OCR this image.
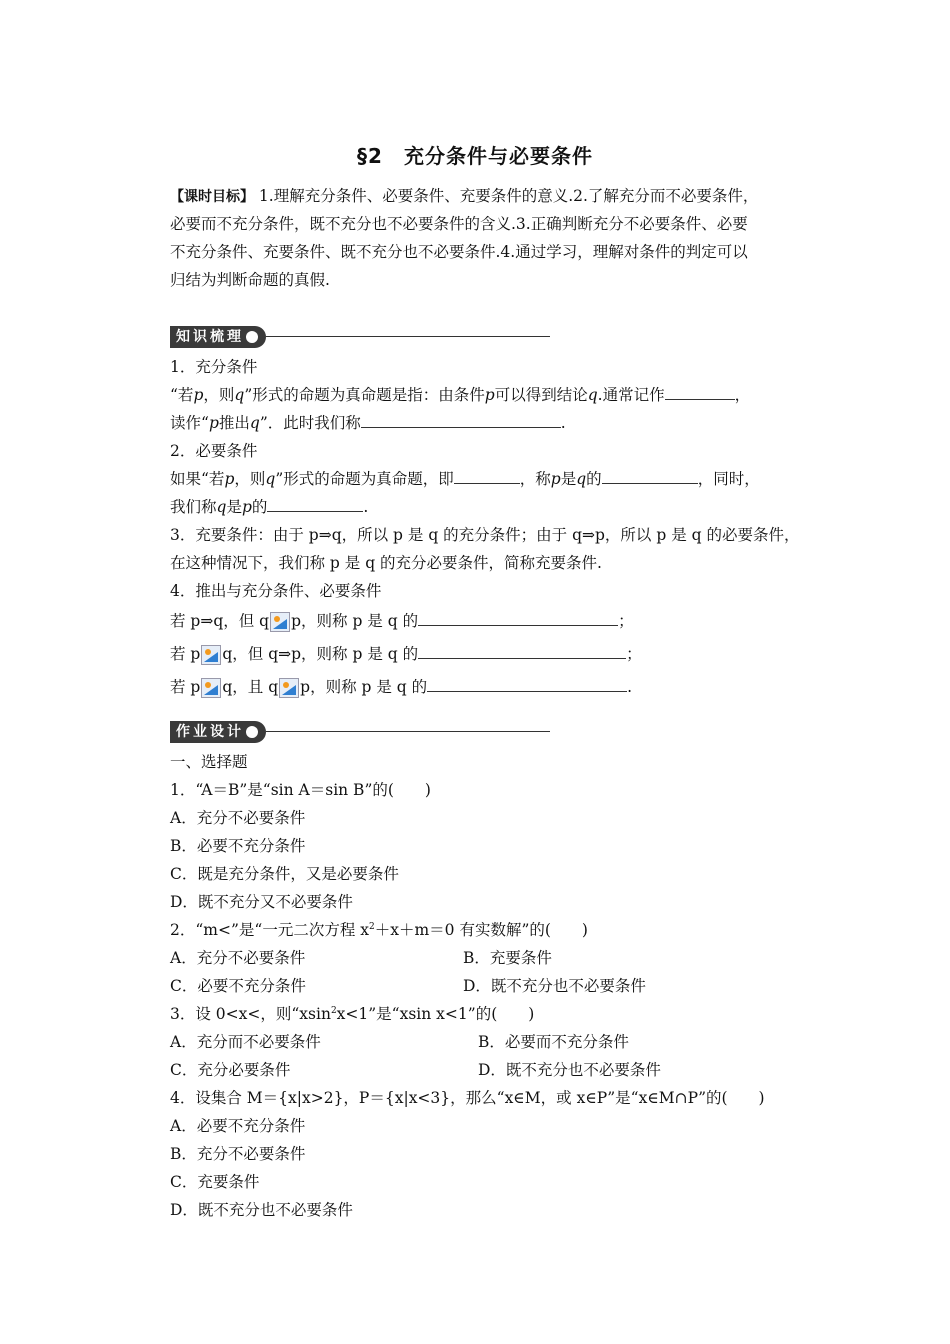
§2　充分条件与必要条件
【课时目标】 1.理解充分条件、必要条件、充要条件的意义.2.了解充分而不必要条件，
必要而不充分条件，既不充分也不必要条件的含义.3.正确判断充分不必要条件、必要
不充分条件、充要条件、既不充分也不必要条件.4.通过学习，理解对条件的判定可以
归结为判断命题的真假.
知识梳理
1．充分条件
“若p，则q”形式的命题为真命题是指：由条件p可以得到结论q.通常记作	，
读作“p推出q”．此时我们称	.
2．必要条件
如果“若p，则q”形式的命题为真命题，即	，称p是q的	，同时，
我们称q是p的	.
3．充要条件：由于 p⇒q，所以 p 是 q 的充分条件；由于 q⇒p，所以 p 是 q 的必要条件，
在这种情况下，我们称 p 是 q 的充分必要条件，简称充要条件.
4．推出与充分条件、必要条件
若 p⇒q，但 q p，则称 p 是 q 的	；
若 p q，但 q⇒p，则称 p 是 q 的	；
若 p q，且 q p，则称 p 是 q 的	.
作业设计
一、选择题
1．“A＝B”是“sin A＝sin B”的(　　)
A．充分不必要条件
B．必要不充分条件
C．既是充分条件，又是必要条件
D．既不充分又不必要条件
2．“m<”是“一元二次方程 $x^2+x+m=0$ 有实数解”的(　　)
A．充分不必要条件	B．充要条件
C．必要不充分条件	D．既不充分也不必要条件
3．设 0<x<，则“xsin$^2$x<1”是“xsin x<1”的(　　)
A．充分而不必要条件	B．必要而不充分条件
C．充分必要条件	D．既不充分也不必要条件
4．设集合 M＝{x|x>2}，P＝{x|x<3}，那么“x∈M，或 x∈P”是“x∈M∩P”的(　　)
A．必要不充分条件
B．充分不必要条件
C．充要条件
D．既不充分也不必要条件
